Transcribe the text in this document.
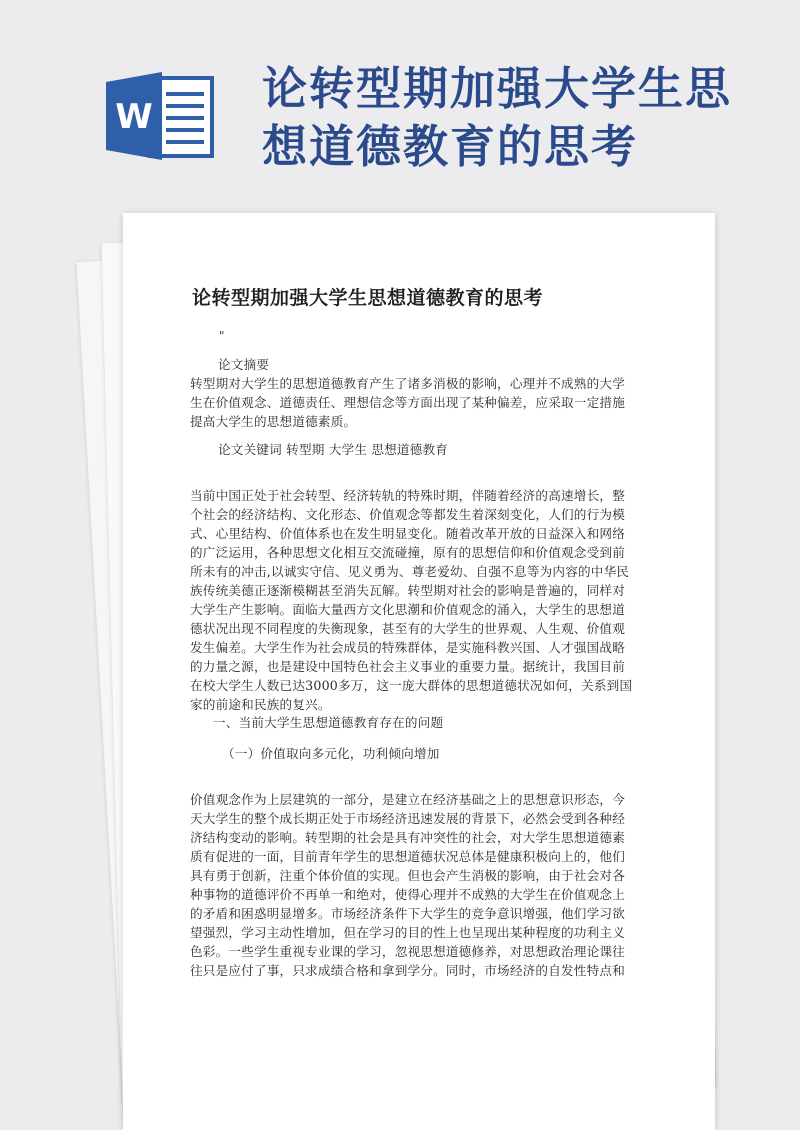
W
论转型期加强大学生思
想道德教育的思考
论转型期加强大学生思想道德教育的思考
"
论文摘要
转型期对大学生的思想道德教育产生了诸多消极的影响，心理并不成熟的大学
生在价值观念、道德责任、理想信念等方面出现了某种偏差，应采取一定措施
提高大学生的思想道德素质。
论文关键词 转型期 大学生 思想道德教育
当前中国正处于社会转型、经济转轨的特殊时期，伴随着经济的高速增长，整
个社会的经济结构、文化形态、价值观念等都发生着深刻变化，人们的行为模
式、心里结构、价值体系也在发生明显变化。随着改革开放的日益深入和网络
的广泛运用，各种思想文化相互交流碰撞，原有的思想信仰和价值观念受到前
所未有的冲击,以诚实守信、见义勇为、尊老爱幼、自强不息等为内容的中华民
族传统美德正逐渐模糊甚至消失瓦解。转型期对社会的影响是普遍的，同样对
大学生产生影响。面临大量西方文化思潮和价值观念的涌入，大学生的思想道
德状况出现不同程度的失衡现象，甚至有的大学生的世界观、人生观、价值观
发生偏差。大学生作为社会成员的特殊群体，是实施科教兴国、人才强国战略
的力量之源，也是建设中国特色社会主义事业的重要力量。据统计，我国目前
在校大学生人数已达3000多万，这一庞大群体的思想道德状况如何，关系到国
家的前途和民族的复兴。
一、当前大学生思想道德教育存在的问题
（一）价值取向多元化，功利倾向增加
价值观念作为上层建筑的一部分，是建立在经济基础之上的思想意识形态，今
天大学生的整个成长期正处于市场经济迅速发展的背景下，必然会受到各种经
济结构变动的影响。转型期的社会是具有冲突性的社会，对大学生思想道德素
质有促进的一面，目前青年学生的思想道德状况总体是健康积极向上的，他们
具有勇于创新，注重个体价值的实现。但也会产生消极的影响，由于社会对各
种事物的道德评价不再单一和绝对，使得心理并不成熟的大学生在价值观念上
的矛盾和困惑明显增多。市场经济条件下大学生的竞争意识增强，他们学习欲
望强烈，学习主动性增加，但在学习的目的性上也呈现出某种程度的功利主义
色彩。一些学生重视专业课的学习，忽视思想道德修养，对思想政治理论课往
往只是应付了事，只求成绩合格和拿到学分。同时，市场经济的自发性特点和
